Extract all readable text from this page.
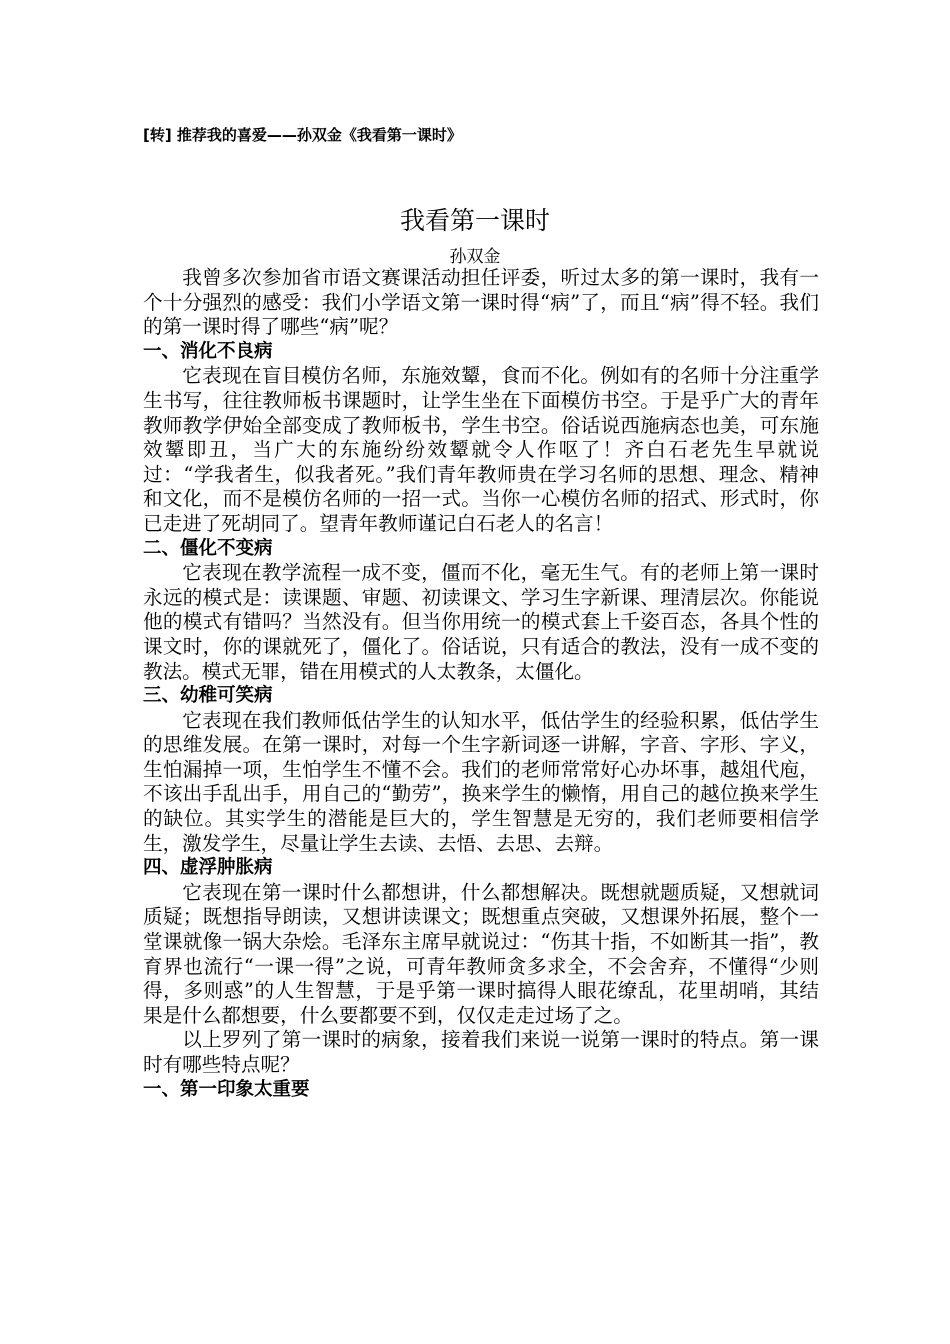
[转] 推荐我的喜爱——孙双金《我看第一课时》
我看第一课时
孙双金

我曾多次参加省市语文赛课活动担任评委，听过太多的第一课时，我有一个十分强烈的感受：我们小学语文第一课时得“病”了，而且“病”得不轻。我们的第一课时得了哪些“病”呢？

一、消化不良病

它表现在盲目模仿名师，东施效颦，食而不化。例如有的名师十分注重学生书写，往往教师板书课题时，让学生坐在下面模仿书空。于是乎广大的青年教师教学伊始全部变成了教师板书，学生书空。俗话说西施病态也美，可东施效颦即丑，当广大的东施纷纷效颦就令人作呕了！齐白石老先生早就说过：“学我者生，似我者死。”我们青年教师贵在学习名师的思想、理念、精神和文化，而不是模仿名师的一招一式。当你一心模仿名师的招式、形式时，你已走进了死胡同了。望青年教师谨记白石老人的名言！

二、僵化不变病

它表现在教学流程一成不变，僵而不化，毫无生气。有的老师上第一课时永远的模式是：读课题、审题、初读课文、学习生字新课、理清层次。你能说他的模式有错吗？当然没有。但当你用统一的模式套上千姿百态，各具个性的课文时，你的课就死了，僵化了。俗话说，只有适合的教法，没有一成不变的教法。模式无罪，错在用模式的人太教条，太僵化。

三、幼稚可笑病

它表现在我们教师低估学生的认知水平，低估学生的经验积累，低估学生的思维发展。在第一课时，对每一个生字新词逐一讲解，字音、字形、字义，生怕漏掉一项，生怕学生不懂不会。我们的老师常常好心办坏事，越俎代庖，不该出手乱出手，用自己的“勤劳”，换来学生的懒惰，用自己的越位换来学生的缺位。其实学生的潜能是巨大的，学生智慧是无穷的，我们老师要相信学生，激发学生，尽量让学生去读、去悟、去思、去辩。

四、虚浮肿胀病

它表现在第一课时什么都想讲，什么都想解决。既想就题质疑，又想就词质疑；既想指导朗读，又想讲读课文；既想重点突破，又想课外拓展，整个一堂课就像一锅大杂烩。毛泽东主席早就说过：“伤其十指，不如断其一指”，教育界也流行“一课一得”之说，可青年教师贪多求全，不会舍弃，不懂得“少则得，多则惑”的人生智慧，于是乎第一课时搞得人眼花缭乱，花里胡哨，其结果是什么都想要，什么要都要不到，仅仅走走过场了之。

以上罗列了第一课时的病象，接着我们来说一说第一课时的特点。第一课时有哪些特点呢？

一、第一印象太重要
